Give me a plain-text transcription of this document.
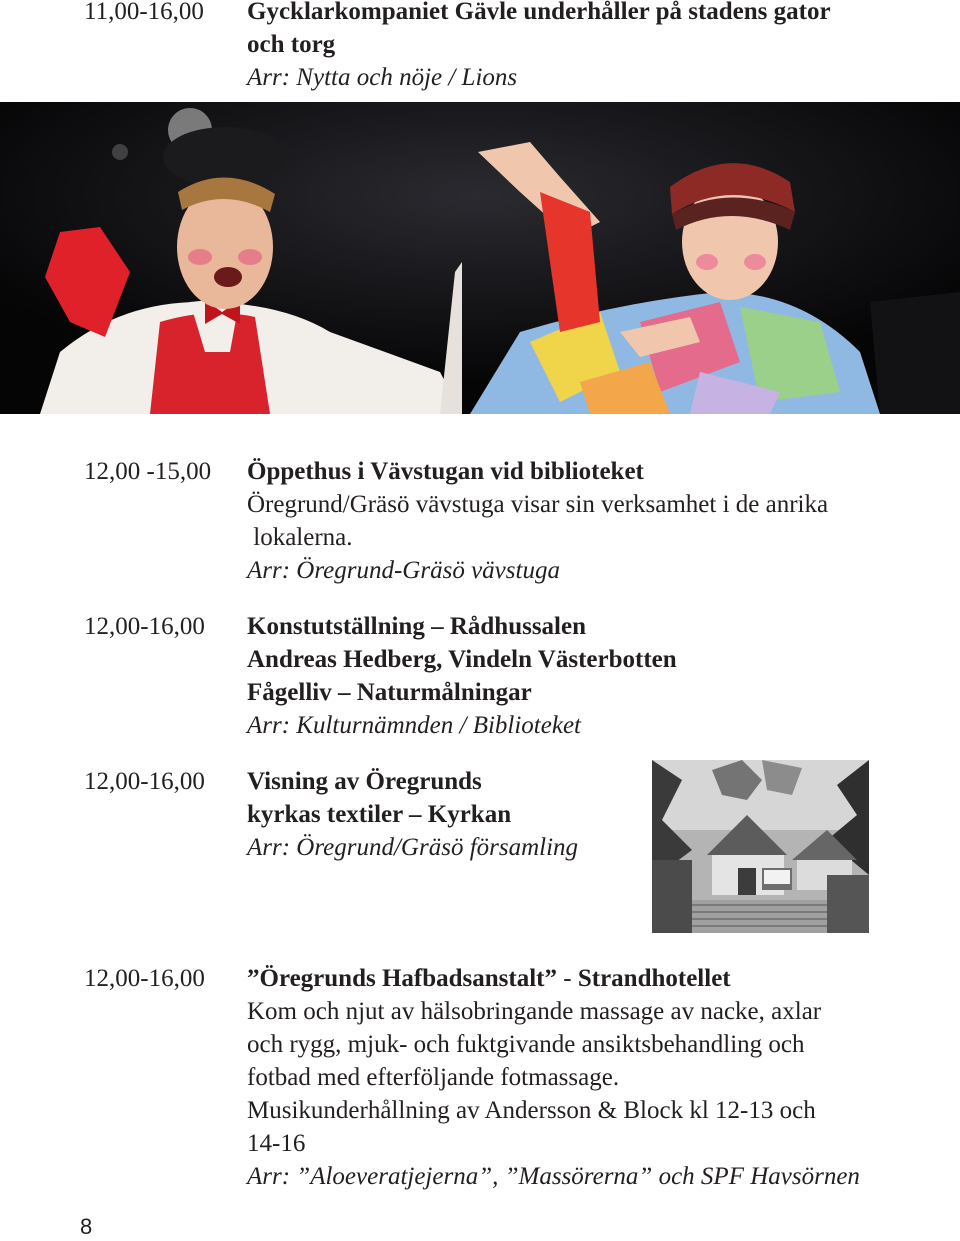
11,00-16,00 Gycklarkompaniet Gävle underhåller på stadens gator
och torg
Arr: Nytta och nöje / Lions
12,00 -15,00 Öppethus i Vävstugan vid biblioteket
Öregrund/Gräsö vävstuga visar sin verksamhet i de anrika
lokalerna.
Arr: Öregrund-Gräsö vävstuga
12,00-16,00 Konstutställning – Rådhussalen
Andreas Hedberg, Vindeln Västerbotten
Fågelliv – Naturmålningar
Arr: Kulturnämnden / Biblioteket
12,00-16,00 Visning av Öregrunds
kyrkas textiler – Kyrkan
Arr: Öregrund/Gräsö församling
12,00-16,00 ”Öregrunds Hafbadsanstalt” - Strandhotellet
Kom och njut av hälsobringande massage av nacke, axlar
och rygg, mjuk- och fuktgivande ansiktsbehandling och
fotbad med efterföljande fotmassage.
Musikunderhållning av Andersson & Block kl 12-13 och
14-16
Arr: ”Aloeveratjejerna”, ”Massörerna” och SPF Havsörnen
8
